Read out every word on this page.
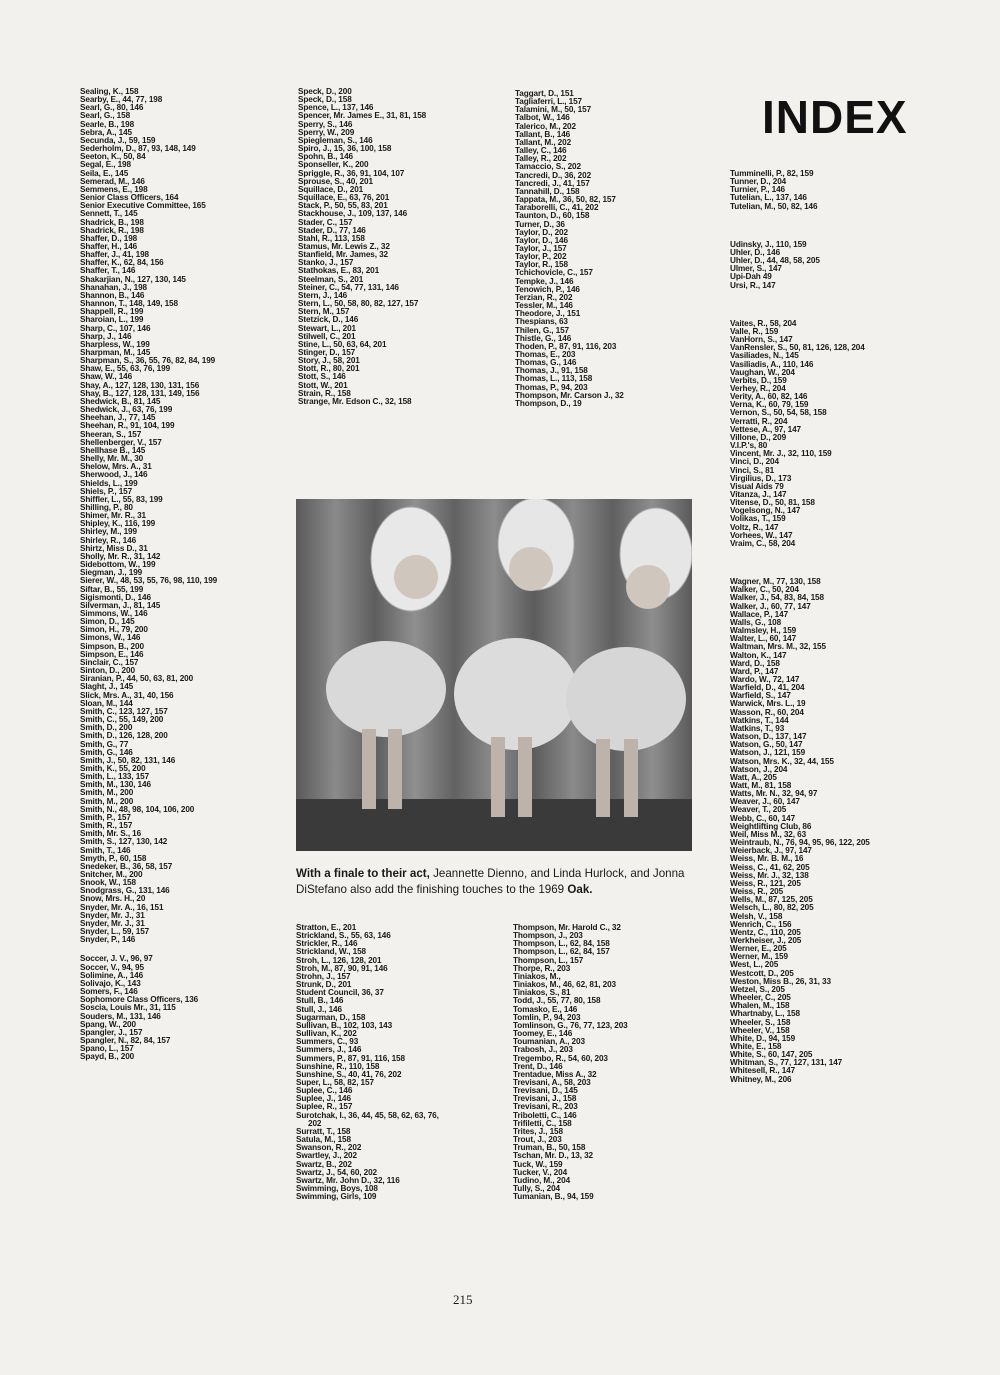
INDEX
Sealing, K., 158
Searby, E., 44, 77, 198
Searl, G., 80, 146
Searl, G., 158
Searle, B., 198
Sebra, A., 145
Secunda, J., 59, 159
Sederholm, D., 87, 93, 148, 149
Seeton, K., 50, 84
Segal, E., 198
Seila, E., 145
Semerad, M., 146
Semmens, E., 198
Senior Class Officers, 164
Senior Executive Committee, 165
Sennett, T., 145
Shadrick, B., 198
Shadrick, R., 198
Shaffer, D., 198
Shaffer, H., 146
Shaffer, J., 41, 198
Shaffer, K., 62, 84, 156
Shaffer, T., 146
Shakarjian, N., 127, 130, 145
Shanahan, J., 198
Shannon, B., 146
Shannon, T., 148, 149, 158
Shappell, R., 199
Sharoian, L., 199
Sharp, C., 107, 146
Sharp, J., 146
Sharpless, W., 199
Sharpman, M., 145
Sharpman, S., 36, 55, 76, 82, 84, 199
Shaw, E., 55, 63, 76, 199
Shaw, W., 146
Shay, A., 127, 128, 130, 131, 156
Shay, B., 127, 128, 131, 149, 156
Shedwick, B., 81, 145
Shedwick, J., 63, 76, 199
Sheehan, J., 77, 145
Sheehan, R., 91, 104, 199
Sheeran, S., 157
Shellenberger, V., 157
Shellhase B., 145
Shelly, Mr. M., 30
Shelow, Mrs. A., 31
Sherwood, J., 146
Shields, L., 199
Shiels, P., 157
Shiffler, L., 55, 83, 199
Shilling, P., 80
Shimer, Mr. R., 31
Shipley, K., 116, 199
Shirley, M., 199
Shirley, R., 146
Shirtz, Miss D., 31
Sholly, Mr. R., 31, 142
Sidebottom, W., 199
Siegman, J., 199
Sierer, W., 48, 53, 55, 76, 98, 110, 199
Siftar, B., 55, 199
Sigismonti, D., 146
Silverman, J., 81, 145
Simmons, W., 146
Simon, D., 145
Simon, H., 79, 200
Simons, W., 146
Simpson, B., 200
Simpson, E., 146
Sinclair, C., 157
Sinton, D., 200
Siranian, P., 44, 50, 63, 81, 200
Slaght, J., 145
Slick, Mrs. A., 31, 40, 156
Sloan, M., 144
Smith, C., 123, 127, 157
Smith, C., 55, 149, 200
Smith, D., 200
Smith, D., 126, 128, 200
Smith, G., 77
Smith, G., 146
Smith, J., 50, 82, 131, 146
Smith, K., 55, 200
Smith, L., 133, 157
Smith, M., 130, 146
Smith, M., 200
Smith, M., 200
Smith, N., 48, 98, 104, 106, 200
Smith, P., 157
Smith, R., 157
Smith, Mr. S., 16
Smith, S., 127, 130, 142
Smith, T., 146
Smyth, P., 60, 158
Snedeker, B., 36, 58, 157
Snitcher, M., 200
Snook, W., 158
Snodgrass, G., 131, 146
Snow, Mrs. H., 20
Snyder, Mr. A., 16, 151
Snyder, Mr. J., 31
Snyder, Mr. J., 31
Snyder, L., 59, 157
Snyder, P., 146
Soccer, J. V., 96, 97
Soccer, V., 94, 95
Solimine, A., 146
Solivajo, K., 143
Somers, F., 146
Sophomore Class Officers, 136
Soscia, Louis Mr., 31, 115
Souders, M., 131, 146
Spang, W., 200
Spangler, J., 157
Spangler, N., 82, 84, 157
Spano, L., 157
Spayd, B., 200
Speck, D., 200
Speck, D., 158
Spence, L., 137, 146
Spencer, Mr. James E., 31, 81, 158
Sperry, S., 146
Sperry, W., 209
Spiegleman, S., 146
Spiro, J., 15, 36, 100, 158
Spohn, B., 146
Sponseller, K., 200
Spriggle, R., 36, 91, 104, 107
Sprouse, S., 40, 201
Squillace, D., 201
Squillace, E., 63, 76, 201
Stack, P., 50, 55, 83, 201
Stackhouse, J., 109, 137, 146
Stader, C., 157
Stader, D., 77, 146
Stahl, R., 113, 158
Stamus, Mr. Lewis Z., 32
Stanfield, Mr. James, 32
Stanko, J., 157
Stathokas, E., 83, 201
Steelman, S., 201
Steiner, C., 54, 77, 131, 146
Stern, J., 146
Stern, L., 50, 58, 80, 82, 127, 157
Stern, M., 157
Stetzick, D., 146
Stewart, L., 201
Stilwell, C., 201
Stine, L., 50, 63, 64, 201
Stinger, D., 157
Story, J., 58, 201
Stott, R., 80, 201
Stott, S., 146
Stott, W., 201
Strain, R., 158
Strange, Mr. Edson C., 32, 158
Stratton, E., 201
Strickland, S., 55, 63, 146
Strickler, R., 146
Strickland, W., 158
Stroh, L., 126, 128, 201
Stroh, M., 87, 90, 91, 146
Strohn, J., 157
Strunk, D., 201
Student Council, 36, 37
Stull, B., 146
Stull, J., 146
Sugarman, D., 158
Sullivan, B., 102, 103, 143
Sullivan, K., 202
Summers, C., 93
Summers, J., 146
Summers, P., 87, 91, 116, 158
Sunshine, R., 110, 158
Sunshine, S., 40, 41, 76, 202
Super, L., 58, 82, 157
Suplee, C., 146
Suplee, J., 146
Suplee, R., 157
Surotchak, I., 36, 44, 45, 58, 62, 63, 76,
202
Surratt, T., 158
Satula, M., 158
Swanson, R., 202
Swartley, J., 202
Swartz, B., 202
Swartz, J., 54, 60, 202
Swartz, Mr. John D., 32, 116
Swimming, Boys, 108
Swimming, Girls, 109
Taggart, D., 151
Tagliaferri, L., 157
Talamini, M., 50, 157
Talbot, W., 146
Talerico, M., 202
Tallant, B., 146
Tallant, M., 202
Talley, C., 146
Talley, R., 202
Tamaccio, S., 202
Tancredi, D., 36, 202
Tancredi, J., 41, 157
Tannahill, D., 158
Tappata, M., 36, 50, 82, 157
Taraborelli, C., 41, 202
Taunton, D., 60, 158
Turner, D., 36
Taylor, D., 202
Taylor, D., 146
Taylor, J., 157
Taylor, P., 202
Taylor, R., 158
Tchichovicle, C., 157
Tempke, J., 146
Tenowich, P., 146
Terzian, R., 202
Tessler, M., 146
Theodore, J., 151
Thespians, 63
Thilen, G., 157
Thistle, G., 146
Thoden, P., 87, 91, 116, 203
Thomas, E., 203
Thomas, G., 146
Thomas, J., 91, 158
Thomas, L., 113, 158
Thomas, P., 94, 203
Thompson, Mr. Carson J., 32
Thompson, D., 19
Thompson, Mr. Harold C., 32
Thompson, J., 203
Thompson, L., 62, 84, 158
Thompson, L., 62, 84, 157
Thompson, L., 157
Thorpe, R., 203
Tiniakos, M.,
Tiniakos, M., 46, 62, 81, 203
Tiniakos, S., 81
Todd, J., 55, 77, 80, 158
Tomasko, E., 146
Tomlin, P., 94, 203
Tomlinson, G., 76, 77, 123, 203
Toomey, E., 146
Toumanian, A., 203
Trabosh, J., 203
Tregembo, R., 54, 60, 203
Trent, D., 146
Trentadue, Miss A., 32
Trevisani, A., 58, 203
Trevisani, D., 145
Trevisani, J., 158
Trevisani, R., 203
Triboletti, C., 146
Trifiletti, C., 158
Trites, J., 158
Trout, J., 203
Truman, B., 50, 158
Tschan, Mr. D., 13, 32
Tuck, W., 159
Tucker, V., 204
Tudino, M., 204
Tully, S., 204
Tumanian, B., 94, 159
Tumminelli, P., 82, 159
Tunner, D., 204
Turnier, P., 146
Tutelian, L., 137, 146
Tutelian, M., 50, 82, 146
Udinsky, J., 110, 159
Uhler, D., 146
Uhler, D., 44, 48, 58, 205
Ulmer, S., 147
Upi-Dah 49
Ursi, R., 147
Vaites, R., 58, 204
Valle, R., 159
VanHorn, S., 147
VanRensler, S., 50, 81, 126, 128, 204
Vasiliades, N., 145
Vasiliadis, A., 110, 146
Vaughan, W., 204
Verbits, D., 159
Verhey, R., 204
Verity, A., 60, 82, 146
Verna, K., 60, 79, 159
Vernon, S., 50, 54, 58, 158
Verratti, R., 204
Vettese, A., 97, 147
Villone, D., 209
V.I.P.'s, 80
Vincent, Mr. J., 32, 110, 159
Vinci, D., 204
Vinci, S., 81
Virgilius, D., 173
Visual Aids 79
Vitanza, J., 147
Vitense, D., 50, 81, 158
Vogelsong, N., 147
Volikas, T., 159
Voltz, R., 147
Vorhees, W., 147
Vraim, C., 58, 204
Wagner, M., 77, 130, 158
Walker, C., 50, 204
Walker, J., 54, 83, 84, 158
Walker, J., 60, 77, 147
Wallace, P., 147
Walls, G., 108
Walmsley, H., 159
Walter, L., 60, 147
Waltman, Mrs. M., 32, 155
Walton, K., 147
Ward, D., 158
Ward, P., 147
Wardo, W., 72, 147
Warfield, D., 41, 204
Warfield, S., 147
Warwick, Mrs. L., 19
Wasson, R., 60, 204
Watkins, T., 144
Watkins, T., 93
Watson, D., 137, 147
Watson, G., 50, 147
Watson, J., 121, 159
Watson, Mrs. K., 32, 44, 155
Watson, J., 204
Watt, A., 205
Watt, M., 81, 158
Watts, Mr. N., 32, 94, 97
Weaver, J., 60, 147
Weaver, T., 205
Webb, C., 60, 147
Weightlifting Club, 86
Weil, Miss M., 32, 63
Weintraub, N., 76, 94, 95, 96, 122, 205
Weierback, J., 97, 147
Weiss, Mr. B. M., 16
Weiss, C., 41, 62, 205
Weiss, Mr. J., 32, 138
Weiss, R., 121, 205
Weiss, R., 205
Wells, M., 87, 125, 205
Welsch, L., 80, 82, 205
Welsh, V., 158
Wenrich, C., 156
Wentz, C., 110, 205
Werkheiser, J., 205
Werner, E., 205
Werner, M., 159
West, L., 205
Westcott, D., 205
Weston, Miss B., 26, 31, 33
Wetzel, S., 205
Wheeler, C., 205
Whalen, M., 158
Whartnaby, L., 158
Wheeler, S., 158
Wheeler, V., 158
White, D., 94, 159
White, E., 158
White, S., 60, 147, 205
Whitman, S., 77, 127, 131, 147
Whitesell, R., 147
Whitney, M., 206
With a finale to their act, Jeannette Dienno, and Linda Hurlock, and Jonna DiStefano also add the finishing touches to the 1969 Oak.
215
